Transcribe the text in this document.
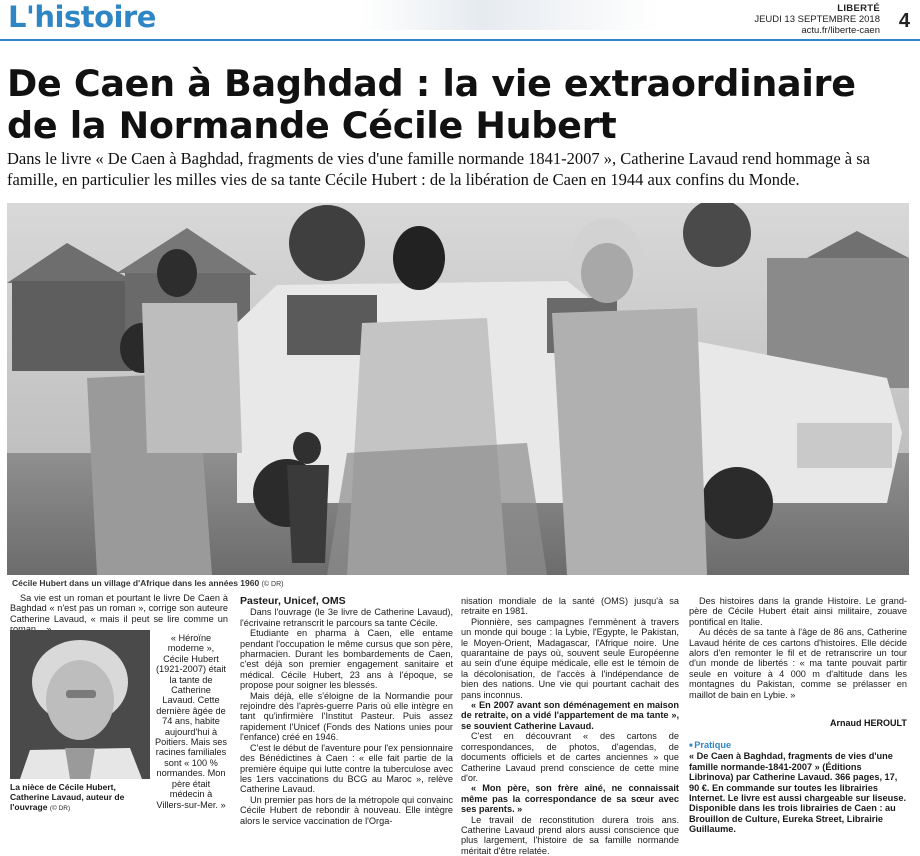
L'histoire	LIBERTÉ
JEUDI 13 SEPTEMBRE 2018
actu.fr/liberte-caen 4
De Caen à Baghdad : la vie extraordinaire
de la Normande Cécile Hubert
Dans le livre « De Caen à Baghdad, fragments de vies d'une famille normande 1841-2007 », Catherine Lavaud rend hommage à sa famille, en particulier les milles vies de sa tante Cécile Hubert : de la libération de Caen en 1944 aux confins du Monde.
Cécile Hubert dans un village d'Afrique dans les années 1960 (© DR)

Sa vie est un roman et pourtant le livre De Caen à Baghdad « n'est pas un roman », corrige son auteure Catherine Lavaud, « mais il peut se lire comme un

« Héroïne moderne », Cécile Hubert (1921-2007) était la tante de Catherine Lavaud. Cette dernière âgée de 74 ans, habite aujourd'hui à Poitiers. Mais ses racines familiales sont « 100 % normandes. Mon père était médecin à Villers-sur-Mer. »

La nièce de Cécile Hubert, Catherine Lavaud, auteur de l'ouvrage (© DR)
Pasteur, Unicef, OMS

Dans l'ouvrage (le 3e livre de Catherine Lavaud), l'écrivaine retranscrit le parcours sa tante Cécile.

Etudiante en pharma à Caen, elle entame pendant l'occupation le même cursus que son père, pharmacien. Durant les bombardements de Caen, c'est déjà son premier engagement sanitaire et médical. Cécile Hubert, 23 ans à l'époque, se propose pour soigner les blessés.

Mais déjà, elle s'éloigne de la Normandie pour rejoindre dès l'après-guerre Paris où elle intègre en tant qu'infirmière l'Institut Pasteur. Puis assez rapidement l'Unicef (Fonds des Nations unies pour l'enfance) créé en 1946.

C'est le début de l'aventure pour l'ex pensionnaire des Bénédictines à Caen : « elle fait partie de la première équipe qui lutte contre la tuberculose avec les 1ers vaccinations du BCG au Maroc », relève Catherine Lavaud.

Un premier pas hors de la métropole qui convainc Cécile Hubert de rebondir à nouveau. Elle intègre alors le service vaccination de l'Orga-

nisation mondiale de la santé (OMS) jusqu'à sa retraite en 1981.

Pionnière, ses campagnes l'emmènent à travers un monde qui bouge : la Lybie, l'Egypte, le Pakistan, le Moyen-Orient, Madagascar, l'Afrique noire. Une quarantaine de pays où, souvent seule Européenne au sein d'une équipe médicale, elle est le témoin de la décolonisation, de l'accès à l'indépendance de bien des nations. Une vie qui pourtant cachait des pans inconnus.

« En 2007 avant son déménagement en maison de retraite, on a vidé l'appartement de ma tante », se souvient Catherine Lavaud.

C'est en découvrant « des cartons de correspondances, de photos, d'agendas, de documents officiels et de cartes anciennes » que Catherine Lavaud prend conscience de cette mine d'or.

« Mon père, son frère aîné, ne connaissait même pas la correspondance de sa sœur avec ses parents. »

Le travail de reconstitution durera trois ans. Catherine Lavaud prend alors aussi conscience que plus largement, l'histoire de sa famille normande méritait d'être relatée.

Des histoires dans la grande Histoire. Le grand-père de Cécile Hubert était ainsi militaire, zouave pontifical en Italie.

Au décès de sa tante à l'âge de 86 ans, Catherine Lavaud hérite de ces cartons d'histoires. Elle décide alors d'en remonter le fil et de retranscrire un tour d'un monde de libertés : « ma tante pouvait partir seule en voiture à 4 000 m d'altitude dans les montagnes du Pakistan, comme se prélasser en maillot de bain en Lybie. »

Arnaud HEROULT
■ Pratique
« De Caen à Baghdad, fragments de vies d'une famille normande-1841-2007 » (Éditions Librinova) par Catherine Lavaud. 366 pages, 17, 90 €. En commande sur toutes les librairies Internet. Le livre est aussi chargeable sur liseuse. Disponible dans les trois librairies de Caen : au Brouillon de Culture, Eureka Street, Librairie Guillaume.
